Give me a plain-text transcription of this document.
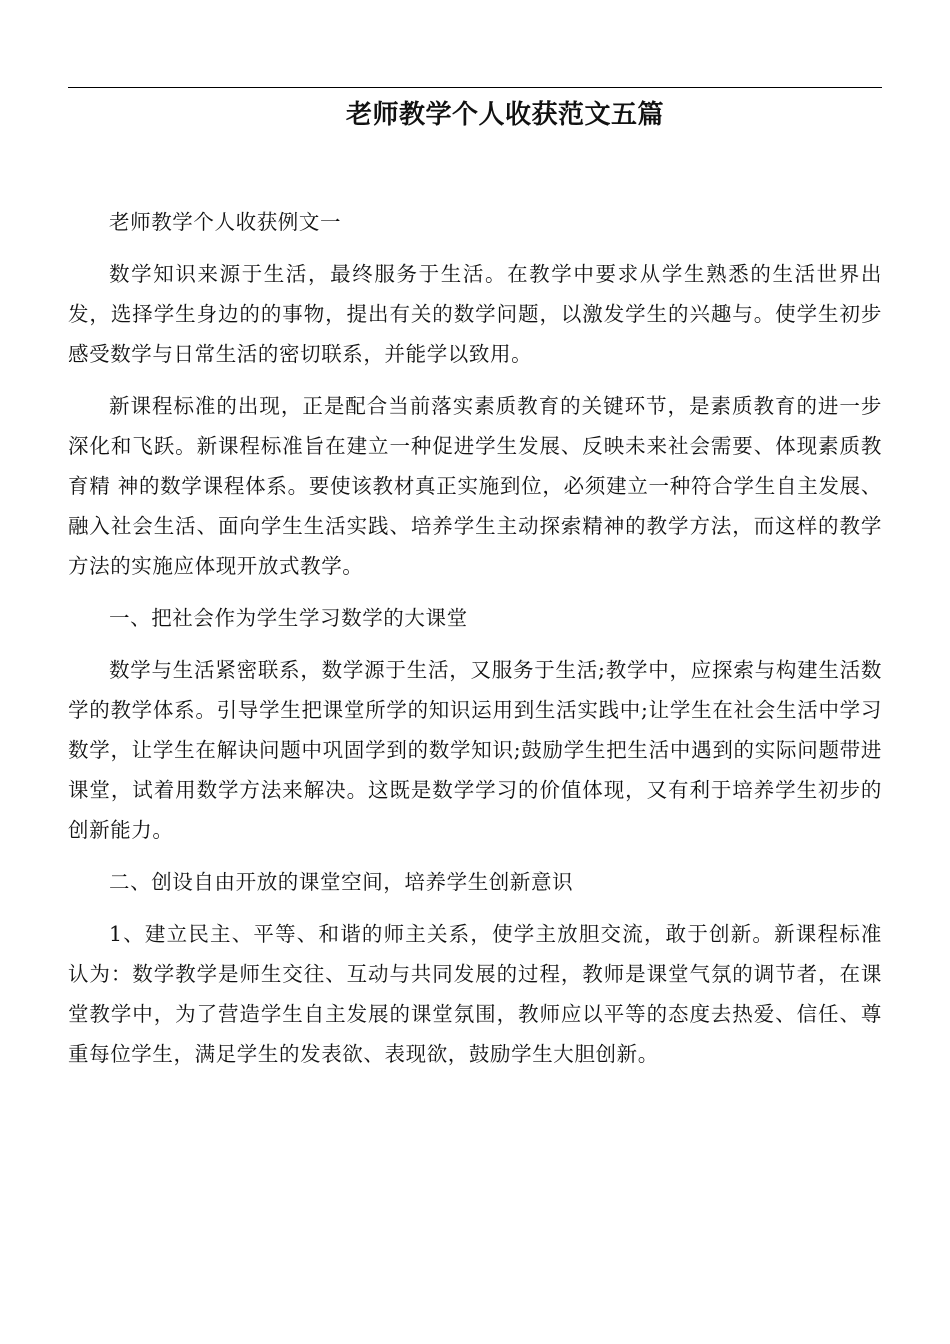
老师教学个人收获范文五篇

老师教学个人收获例文一

数学知识来源于生活，最终服务于生活。在教学中要求从学生熟悉的生活世界出发，选择学生身边的的事物，提出有关的数学问题，以激发学生的兴趣与。使学生初步感受数学与日常生活的密切联系，并能学以致用。

新课程标准的出现，正是配合当前落实素质教育的关键环节，是素质教育的进一步深化和飞跃。新课程标准旨在建立一种促进学生发展、反映未来社会需要、体现素质教育精 神的数学课程体系。要使该教材真正实施到位，必须建立一种符合学生自主发展、融入社会生活、面向学生生活实践、培养学生主动探索精神的教学方法，而这样的教学方法的实施应体现开放式教学。

一、把社会作为学生学习数学的大课堂

数学与生活紧密联系，数学源于生活，又服务于生活;教学中，应探索与构建生活数学的教学体系。引导学生把课堂所学的知识运用到生活实践中;让学生在社会生活中学习数学，让学生在解诀问题中巩固学到的数学知识;鼓励学生把生活中遇到的实际问题带进课堂，试着用数学方法来解决。这既是数学学习的价值体现，又有利于培养学生初步的创新能力。

二、创设自由开放的课堂空间，培养学生创新意识

1、建立民主、平等、和谐的师主关系，使学主放胆交流，敢于创新。新课程标准认为：数学教学是师生交往、互动与共同发展的过程，教师是课堂气氛的调节者，在课堂教学中，为了营造学生自主发展的课堂氛围，教师应以平等的态度去热爱、信任、尊重每位学生，满足学生的发表欲、表现欲，鼓励学生大胆创新。
